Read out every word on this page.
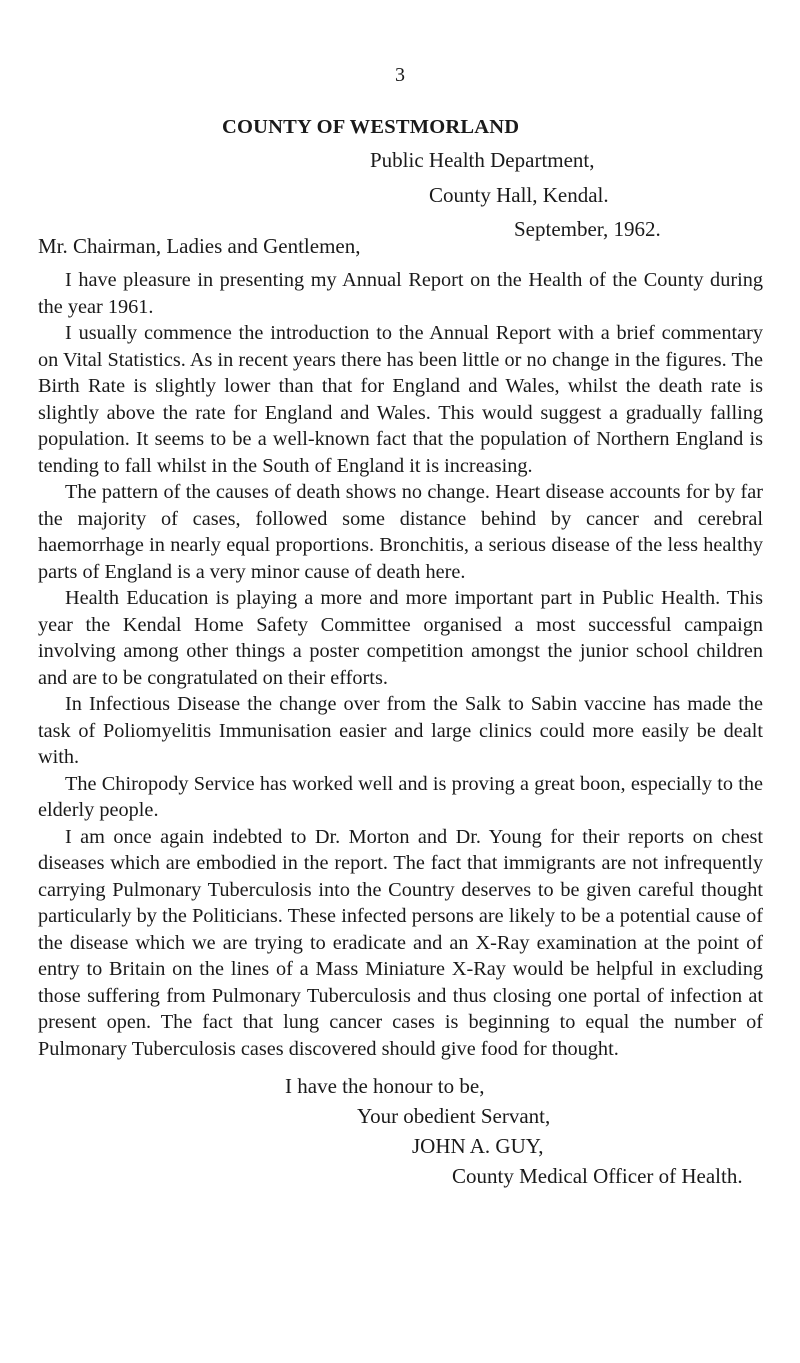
3
COUNTY OF WESTMORLAND
Public Health Department,
County Hall, Kendal.
September, 1962.
Mr. Chairman, Ladies and Gentlemen,

I have pleasure in presenting my Annual Report on the Health of the County during the year 1961.

I usually commence the introduction to the Annual Report with a brief commentary on Vital Statistics. As in recent years there has been little or no change in the figures. The Birth Rate is slightly lower than that for England and Wales, whilst the death rate is slightly above the rate for England and Wales. This would suggest a gradually falling population. It seems to be a well-known fact that the population of Northern England is tending to fall whilst in the South of England it is increasing.

The pattern of the causes of death shows no change. Heart disease accounts for by far the majority of cases, followed some distance behind by cancer and cerebral haemorrhage in nearly equal proportions. Bronchitis, a serious disease of the less healthy parts of England is a very minor cause of death here.

Health Education is playing a more and more important part in Public Health. This year the Kendal Home Safety Committee organised a most successful campaign involving among other things a poster competition amongst the junior school children and are to be congratulated on their efforts.

In Infectious Disease the change over from the Salk to Sabin vaccine has made the task of Poliomyelitis Immunisation easier and large clinics could more easily be dealt with.

The Chiropody Service has worked well and is proving a great boon, especially to the elderly people.

I am once again indebted to Dr. Morton and Dr. Young for their reports on chest diseases which are embodied in the report. The fact that immigrants are not infrequently carrying Pulmonary Tuberculosis into the Country deserves to be given careful thought particularly by the Politicians. These infected persons are likely to be a potential cause of the disease which we are trying to eradicate and an X-Ray examination at the point of entry to Britain on the lines of a Mass Miniature X-Ray would be helpful in excluding those suffering from Pulmonary Tuberculosis and thus closing one portal of infection at present open. The fact that lung cancer cases is beginning to equal the number of Pulmonary Tuberculosis cases discovered should give food for thought.

I have the honour to be,
Your obedient Servant,
JOHN A. GUY,
County Medical Officer of Health.
